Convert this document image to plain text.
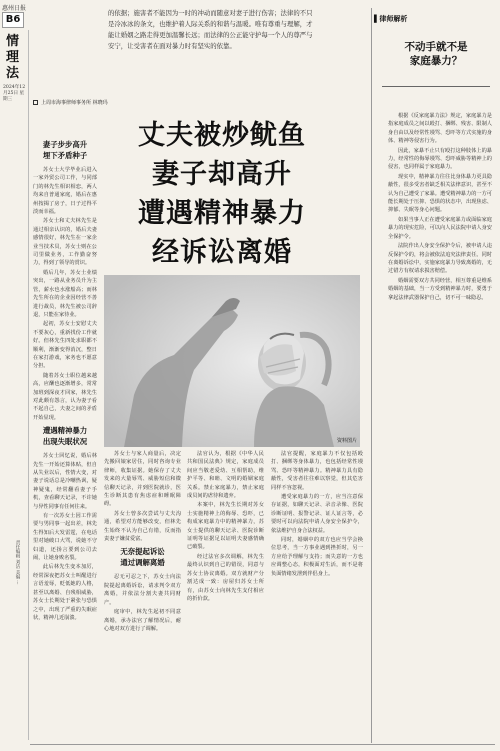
惠州日报
B6
情理法
2024年12月25日 星期三
责任编辑 刘洁 美编 ...
的依据；施害者不能因为一时的冲动而随意对妻子进行伤害；法律的不只
是冷冰冰的条文，也维护着人际关系的和谐与温暖。唯有尊重与理解，才
能让婚姻之路走得更加温馨长远；而法律的公正能守护每一个人的尊严与
安宁，让受害者在面对暴力时有坚实的依靠。
▌律师解析
不动手就不是
家庭暴力？

根据《反家庭暴力法》规定，家庭暴力是指家庭成员之间以殴打、捆绑、残害、限制人身自由以及经常性谩骂、恐吓等方式实施的身体、精神等侵害行为。

因此，家暴不止只有殴打这种肢体上的暴力，经常性的侮辱谩骂、恐吓威胁等精神上的侵害，也同样属于家庭暴力。

现实中，精神暴力往往比身体暴力更具隐蔽性，很多受害者缺乏相关法律意识，甚至不认为自己遭受了家暴。遭受精神暴力的一方可能长期处于压抑、恐惧的状态中，出现焦虑、抑郁、失眠等身心问题。

如果当事人正在遭受家庭暴力或面临家庭暴力的现实危险，可以向人民法院申请人身安全保护令。

法院作出人身安全保护令后，被申请人违反保护令的，将会被依法追究法律责任。同时在离婚诉讼中，实施家庭暴力导致离婚的，无过错方有权请求损害赔偿。

婚姻需要双方共同经营，相互尊重是维系婚姻的基础，当一方受到精神暴力时，要勇于拿起法律武器保护自己，切不可一味隐忍。

上周市海事律师事务所 林晓玛
丈夫被炒鱿鱼
妻子却高升
遭遇精神暴力
经诉讼离婚
资料图片
妻子步步高升
埋下矛盾种子

苏女士大学毕业后进入一家外贸公司工作，与同部门的林先生相识相恋，两人均来自普通家庭，婚后在惠州按揭了房子，日子过得平淡而幸福。

苏女士和丈夫林先生是通过相亲认识的，婚后夫妻感情很好，林先生在一家企业当技术员，苏女士则在公司里做业务，工作勤奋努力，得到了领导的赏识。

婚后几年，苏女士业绩突出，一路从业务员升为主管，薪水也水涨船高；而林先生所在的企业因经营不善进行裁员，林先生被公司辞退，只能在家待业。

起初，苏女士安慰丈夫不要灰心，重新找份工作就好。但林先生四处求职都不顺利，渐渐变得消沉，整日在家打游戏，家务也不愿意分担。

随着苏女士职位越来越高，应酬也逐渐增多，常常加班到深夜才回家，林先生对此颇有怨言，认为妻子看不起自己，夫妻之间的矛盾开始显现。

遭遇精神暴力
出现失眠状况

苏女士回忆说，婚后林先生一开始还算体贴，但自从失业以后，性情大变，对妻子说话总是冷嘲热讽，疑神疑鬼，经常翻看妻子手机，查看聊天记录，不许她与异性同事有任何往来。

有一次苏女士因工作需要与男同事一起出差，林先生得知后大发雷霆，在电话里对她破口大骂，说她不守妇道，还扬言要到公司去闹，让她身败名裂。

此后林先生变本加厉，经常深夜把苏女士叫醒进行言语羞辱，贬低她的人格，甚至以离婚、自残相威胁，苏女士长期处于紧张与恐惧之中，出现了严重的失眠症状，精神几近崩溃。

苏女士与家人商量后，决定先搬回娘家居住，同时咨询专业律师，收集证据。她保存了丈夫发来的大量辱骂、威胁短信和微信聊天记录，并到医院就诊，医生诊断其患有焦虑症和睡眠障碍。

苏女士曾多次尝试与丈夫沟通，希望对方能够改变，但林先生始终不认为自己有错，反而指责妻子嫌贫爱富。

无奈提起诉讼
通过调解离婚

忍无可忍之下，苏女士向法院提起离婚诉讼，请求判令双方离婚，并依法分割夫妻共同财产。

庭审中，林先生起初不同意离婚，承办法官了解情况后，耐心地对双方进行了调解。

法官认为，根据《中华人民共和国民法典》规定，家庭成员间应当敬老爱幼、互相帮助，维护平等、和睦、文明的婚姻家庭关系。禁止家庭暴力，禁止家庭成员间的虐待和遗弃。

本案中，林先生长期对苏女士实施精神上的侮辱、恐吓，已构成家庭暴力中的精神暴力，苏女士提供的聊天记录、医院诊断证明等证据足以证明夫妻感情确已破裂。

经过法官多次调解，林先生最终认识到自己的错误，同意与苏女士协议离婚。双方就财产分割达成一致：房屋归苏女士所有，由苏女士向林先生支付相应的折价款。

法官提醒，家庭暴力不仅包括殴打、捆绑等身体暴力，也包括经常性谩骂、恐吓等精神暴力。精神暴力具有隐蔽性，受害者往往难以察觉，但其危害同样不容忽视。

遭受家庭暴力的一方，应当注意保存证据，如聊天记录、录音录像、医院诊断证明、报警记录、证人证言等，必要时可以向法院申请人身安全保护令，依法维护自身合法权益。

同时，婚姻中的双方也应当学会换位思考，当一方事业遇到挫折时，另一方应给予理解与支持；而失意的一方也应调整心态，积极面对生活，而不是将负面情绪发泄到伴侣身上。
